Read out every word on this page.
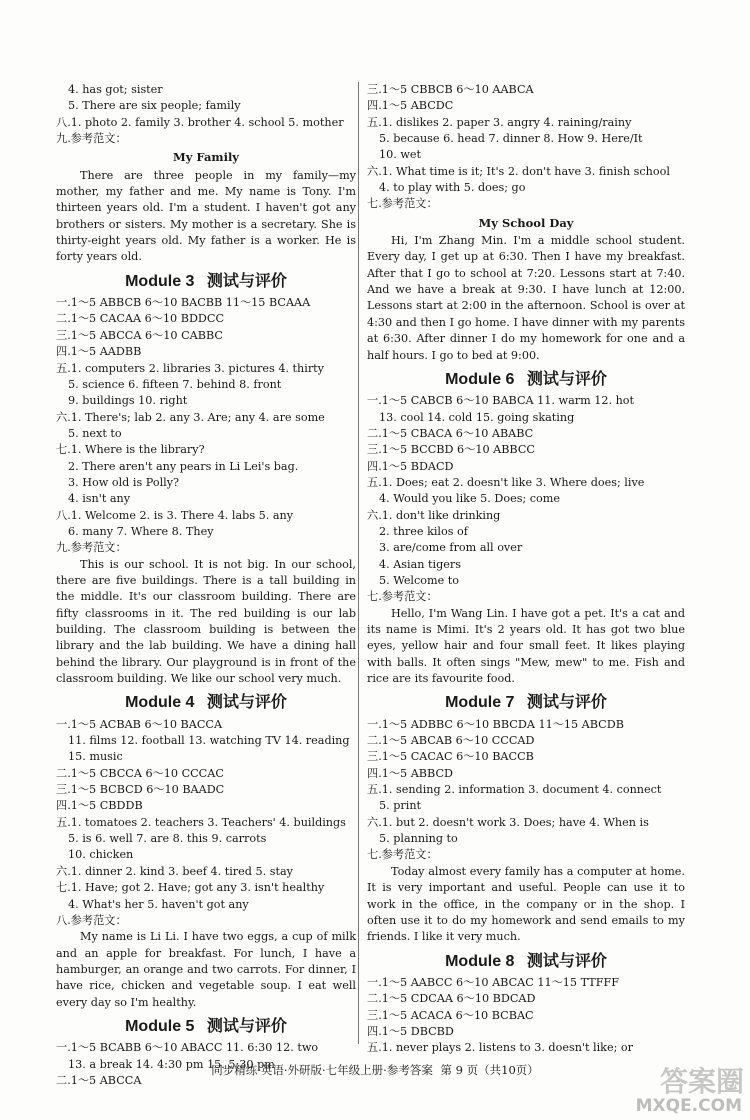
4. has got; sister
5. There are six people; family
八.1. photo 2. family 3. brother 4. school 5. mother
九.参考范文：
My Family
There are three people in my family—my mother, my father and me. My name is Tony. I'm thirteen years old. I'm a student. I haven't got any brothers or sisters. My mother is a secretary. She is thirty-eight years old. My father is a worker. He is forty years old.
Module 3 测试与评价
一.1～5 ABBCB 6～10 BACBB 11～15 BCAAA
二.1～5 CACAA 6～10 BDDCC
三.1～5 ABCCA 6～10 CABBC
四.1～5 AADBB
五.1. computers 2. libraries 3. pictures 4. thirty
5. science 6. fifteen 7. behind 8. front
9. buildings 10. right
六.1. There's; lab 2. any 3. Are; any 4. are some
5. next to
七.1. Where is the library?
2. There aren't any pears in Li Lei's bag.
3. How old is Polly?
4. isn't any
八.1. Welcome 2. is 3. There 4. labs 5. any
6. many 7. Where 8. They
九.参考范文：
This is our school. It is not big. In our school, there are five buildings. There is a tall building in the middle. It's our classroom building. There are fifty classrooms in it. The red building is our lab building. The classroom building is between the library and the lab building. We have a dining hall behind the library. Our playground is in front of the classroom building. We like our school very much.
Module 4 测试与评价
一.1～5 ACBAB 6～10 BACCA
11. films 12. football 13. watching TV 14. reading
15. music
二.1～5 CBCCA 6～10 CCCAC
三.1～5 BCBCD 6～10 BAADC
四.1～5 CBDDB
五.1. tomatoes 2. teachers 3. Teachers' 4. buildings
5. is 6. well 7. are 8. this 9. carrots
10. chicken
六.1. dinner 2. kind 3. beef 4. tired 5. stay
七.1. Have; got 2. Have; got any 3. isn't healthy
4. What's her 5. haven't got any
八.参考范文：
My name is Li Li. I have two eggs, a cup of milk and an apple for breakfast. For lunch, I have a hamburger, an orange and two carrots. For dinner, I have rice, chicken and vegetable soup. I eat well every day so I'm healthy.
Module 5 测试与评价
一.1～5 BCABB 6～10 ABACC 11. 6:30 12. two
13. a break 14. 4:30 pm 15. 5:30 pm
二.1～5 ABCCA
三.1～5 CBBCB 6～10 AABCA
四.1～5 ABCDC
五.1. dislikes 2. paper 3. angry 4. raining/rainy
5. because 6. head 7. dinner 8. How 9. Here/It
10. wet
六.1. What time is it; It's 2. don't have 3. finish school
4. to play with 5. does; go
七.参考范文：
My School Day
Hi, I'm Zhang Min. I'm a middle school student. Every day, I get up at 6:30. Then I have my breakfast. After that I go to school at 7:20. Lessons start at 7:40. And we have a break at 9:30. I have lunch at 12:00. Lessons start at 2:00 in the afternoon. School is over at 4:30 and then I go home. I have dinner with my parents at 6:30. After dinner I do my homework for one and a half hours. I go to bed at 9:00.
Module 6 测试与评价
一.1～5 CABCB 6～10 BABCA 11. warm 12. hot
13. cool 14. cold 15. going skating
二.1～5 CBACA 6～10 ABABC
三.1～5 BCCBD 6～10 ABBCC
四.1～5 BDACD
五.1. Does; eat 2. doesn't like 3. Where does; live
4. Would you like 5. Does; come
六.1. don't like drinking
2. three kilos of
3. are/come from all over
4. Asian tigers
5. Welcome to
七.参考范文：
Hello, I'm Wang Lin. I have got a pet. It's a cat and its name is Mimi. It's 2 years old. It has got two blue eyes, yellow hair and four small feet. It likes playing with balls. It often sings "Mew, mew" to me. Fish and rice are its favourite food.
Module 7 测试与评价
一.1～5 ADBBC 6～10 BBCDA 11～15 ABCDB
二.1～5 ABCAB 6～10 CCCAD
三.1～5 CACAC 6～10 BACCB
四.1～5 ABBCD
五.1. sending 2. information 3. document 4. connect
5. print
六.1. but 2. doesn't work 3. Does; have 4. When is
5. planning to
七.参考范文：
Today almost every family has a computer at home. It is very important and useful. People can use it to work in the office, in the company or in the shop. I often use it to do my homework and send emails to my friends. I like it very much.
Module 8 测试与评价
一.1～5 AABCC 6～10 ABCAC 11～15 TTFFF
二.1～5 CDCAA 6～10 BDCAD
三.1～5 ACACA 6～10 BCBAC
四.1～5 DBCBD
五.1. never plays 2. listens to 3. doesn't like; or
同步精练·英语·外研版·七年级上册·参考答案 第 9 页（共10页）	答案圈
MXQE.COM
